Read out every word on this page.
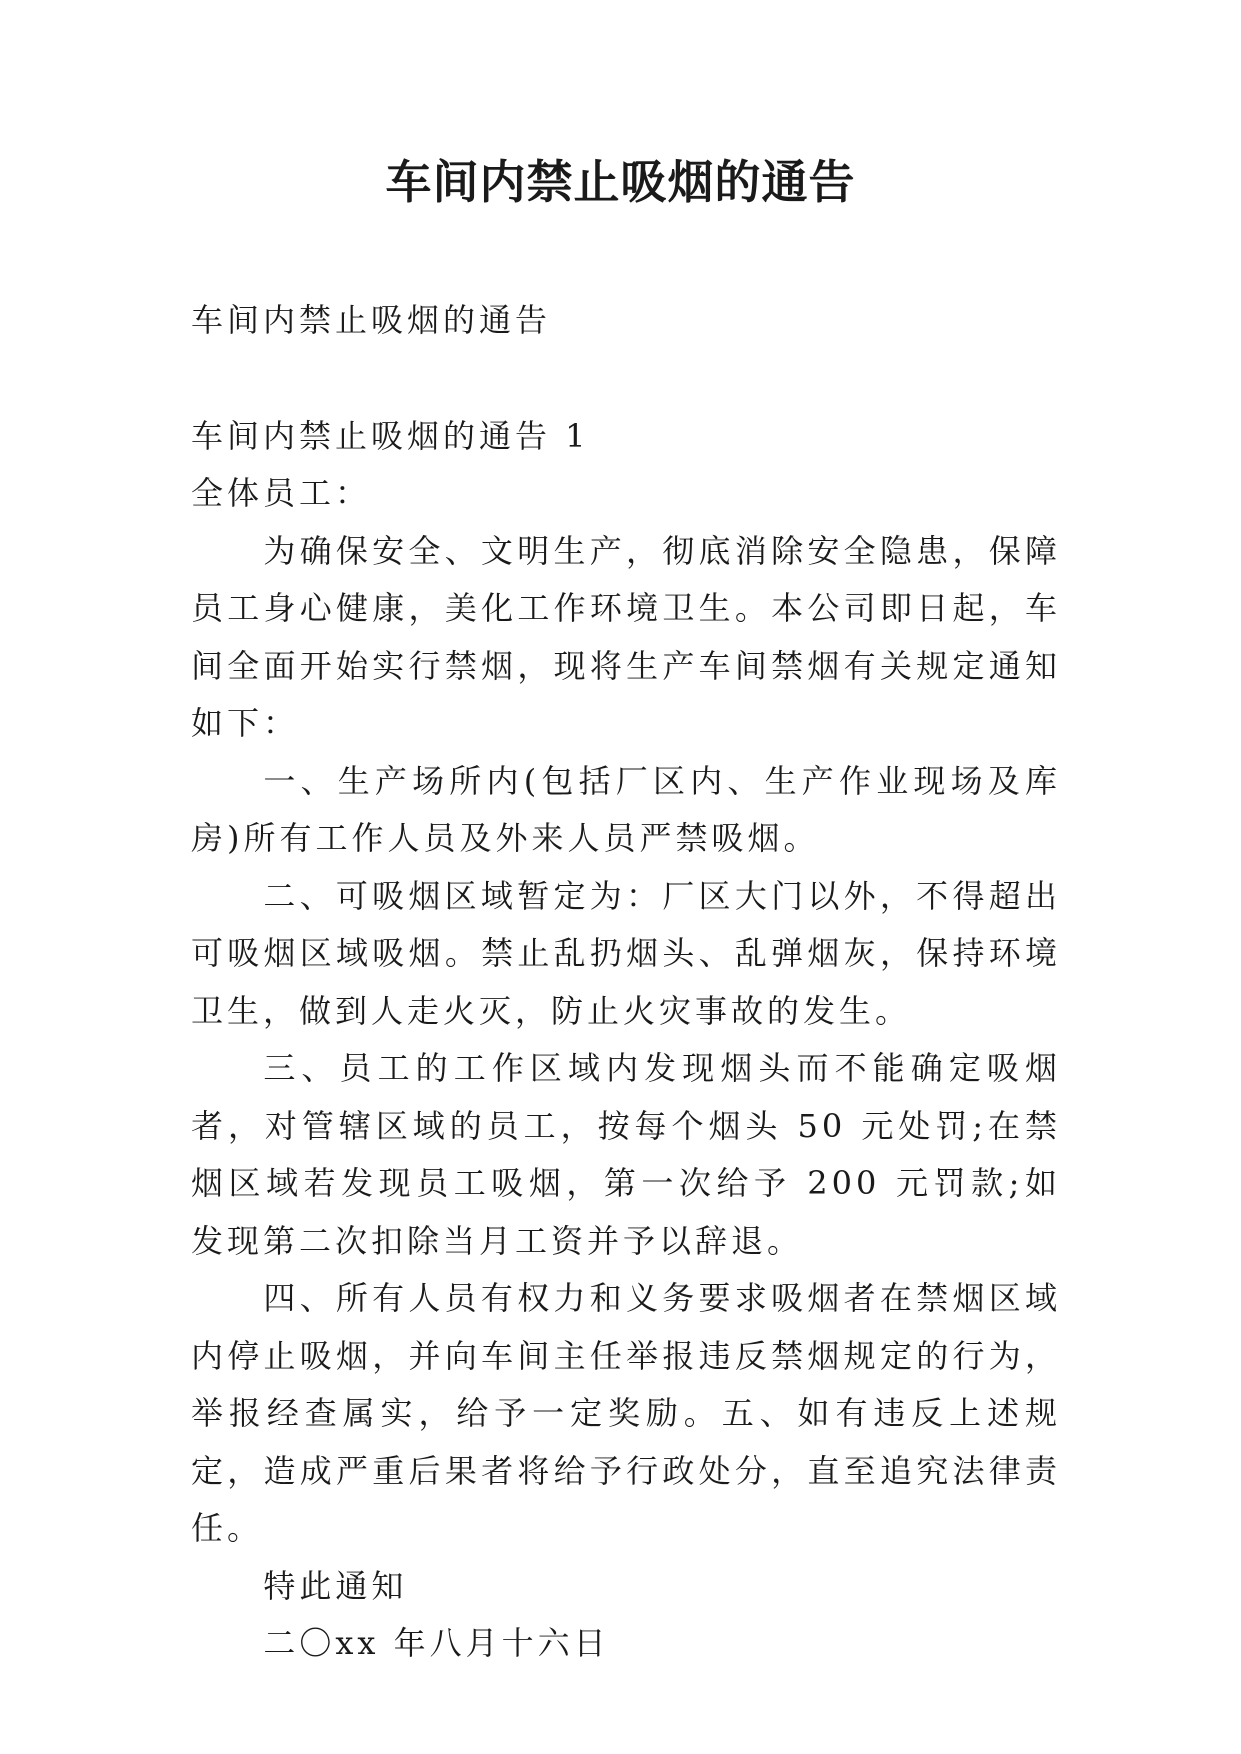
车间内禁止吸烟的通告

车间内禁止吸烟的通告

车间内禁止吸烟的通告 1

全体员工：

为确保安全、文明生产，彻底消除安全隐患，保障员工身心健康，美化工作环境卫生。本公司即日起，车间全面开始实行禁烟，现将生产车间禁烟有关规定通知如下：

一、生产场所内(包括厂区内、生产作业现场及库房)所有工作人员及外来人员严禁吸烟。

二、可吸烟区域暂定为：厂区大门以外，不得超出可吸烟区域吸烟。禁止乱扔烟头、乱弹烟灰，保持环境卫生，做到人走火灭，防止火灾事故的发生。

三、员工的工作区域内发现烟头而不能确定吸烟者，对管辖区域的员工，按每个烟头 50 元处罚;在禁烟区域若发现员工吸烟，第一次给予 200 元罚款;如发现第二次扣除当月工资并予以辞退。

四、所有人员有权力和义务要求吸烟者在禁烟区域内停止吸烟，并向车间主任举报违反禁烟规定的行为，举报经查属实，给予一定奖励。五、如有违反上述规定，造成严重后果者将给予行政处分，直至追究法律责任。

特此通知

二〇xx 年八月十六日
